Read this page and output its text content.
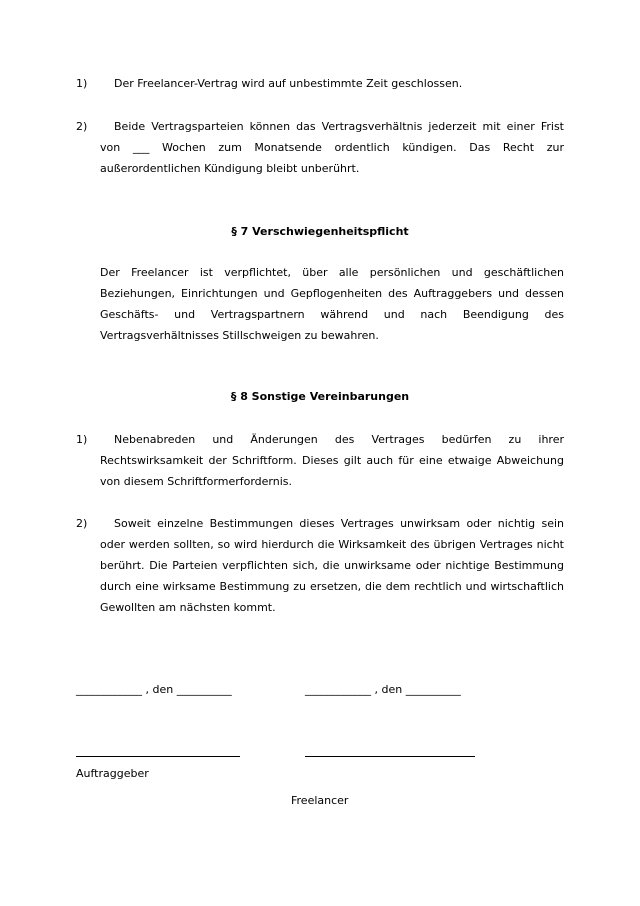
1) Der Freelancer-Vertrag wird auf unbestimmte Zeit geschlossen.
2)	Beide Vertragsparteien können das Vertragsverhältnis jederzeit mit einer Frist von ___ Wochen zum Monatsende ordentlich kündigen. Das Recht zur außerordentlichen Kündigung bleibt unberührt.
§ 7 Verschwiegenheitspflicht
Der Freelancer ist verpflichtet, über alle persönlichen und geschäftlichen Beziehungen, Einrichtungen und Gepflogenheiten des Auftraggebers und dessen Geschäfts- und Vertragspartnern während und nach Beendigung des Vertragsverhältnisses Stillschweigen zu bewahren.
§ 8 Sonstige Vereinbarungen
1)	Nebenabreden und Änderungen des Vertrages bedürfen zu ihrer Rechtswirksamkeit der Schriftform. Dieses gilt auch für eine etwaige Abweichung von diesem Schriftformerfordernis.
2)	Soweit einzelne Bestimmungen dieses Vertrages unwirksam oder nichtig sein oder werden sollten, so wird hierdurch die Wirksamkeit des übrigen Vertrages nicht berührt. Die Parteien verpflichten sich, die unwirksame oder nichtige Bestimmung durch eine wirksame Bestimmung zu ersetzen, die dem rechtlich und wirtschaftlich Gewollten am nächsten kommt.
____________ , den __________	____________ , den __________
Auftraggeber
Freelancer
